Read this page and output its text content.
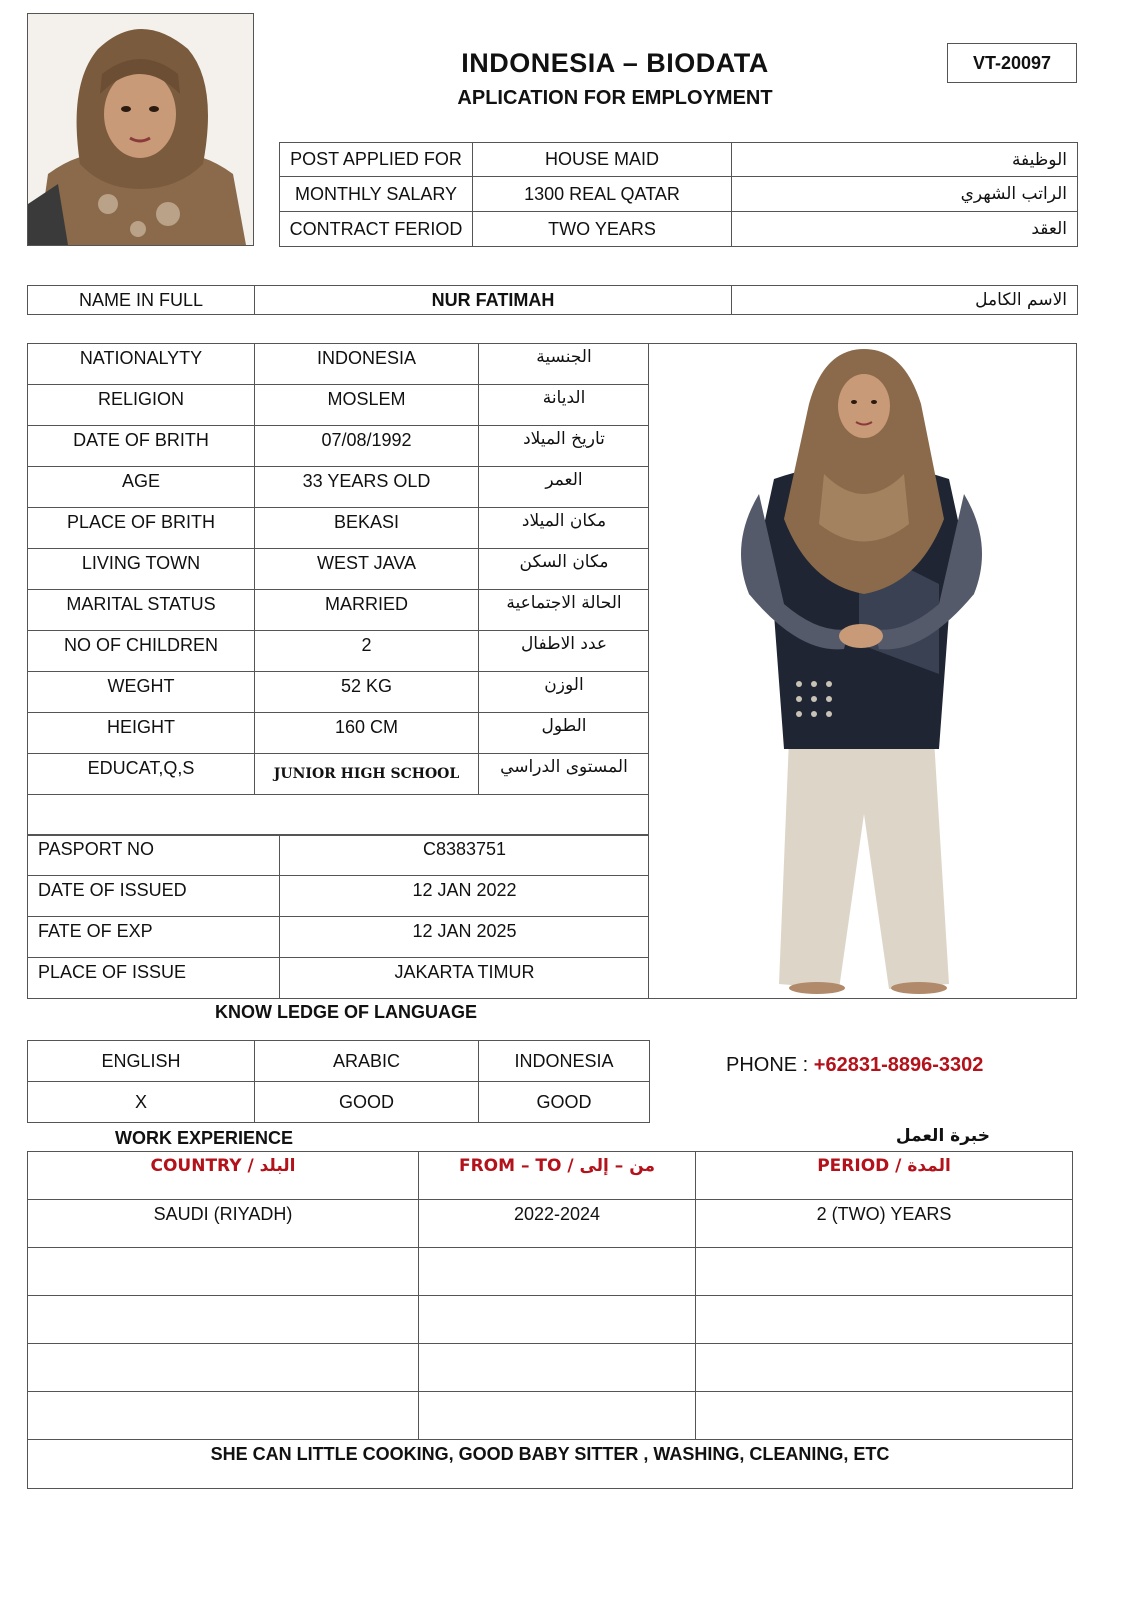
INDONESIA – BIODATA
APLICATION FOR EMPLOYMENT
VT-20097
POST APPLIED FOR	HOUSE MAID	الوظيفة
MONTHLY SALARY	1300 REAL QATAR	الراتب الشهري
CONTRACT FERIOD	TWO YEARS	العقد
NAME IN FULL	NUR FATIMAH	الاسم الكامل
NATIONALYTY	INDONESIA	الجنسية
RELIGION	MOSLEM	الديانة
DATE OF BRITH	07/08/1992	تاريخ الميلاد
AGE	33 YEARS OLD	العمر
PLACE OF BRITH	BEKASI	مكان الميلاد
LIVING TOWN	WEST JAVA	مكان السكن
MARITAL STATUS	MARRIED	الحالة الاجتماعية
NO OF CHILDREN	2	عدد الاطفال
WEGHT	52 KG	الوزن
HEIGHT	160 CM	الطول
EDUCAT,Q,S	JUNIOR HIGH SCHOOL	المستوى الدراسي

PASPORT NO	C8383751
DATE OF ISSUED	12 JAN 2022
FATE OF EXP	12 JAN 2025
PLACE OF ISSUE	JAKARTA TIMUR
KNOW LEDGE OF LANGUAGE
ENGLISH	ARABIC	INDONESIA
X	GOOD	GOOD
PHONE : +62831-8896-3302
WORK EXPERIENCE	خبرة العمل
COUNTRY / البلد	FROM – TO / من – إلى	PERIOD / المدة
SAUDI (RIYADH)	2022-2024	2 (TWO) YEARS

SHE CAN LITTLE COOKING, GOOD BABY SITTER , WASHING, CLEANING, ETC		
